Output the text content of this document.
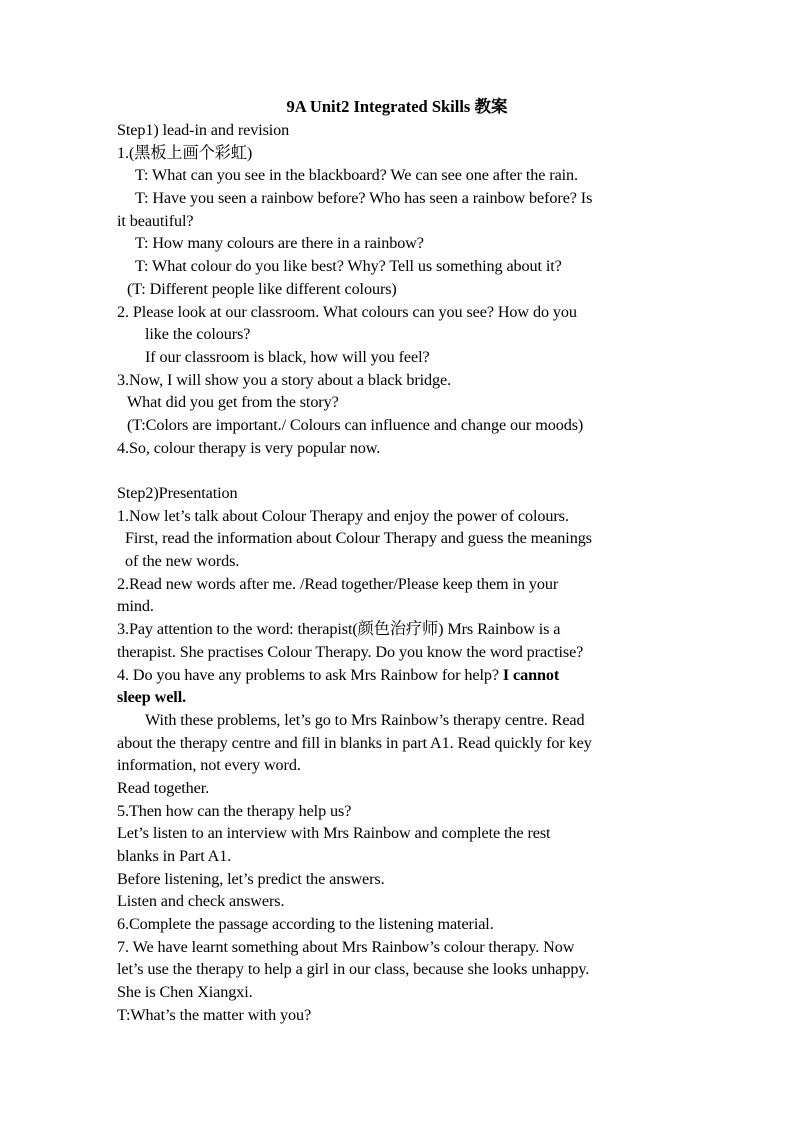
9A Unit2 Integrated Skills 教案
Step1) lead-in and revision
1.(黑板上画个彩虹)
T: What can you see in the blackboard? We can see one after the rain.
T: Have you seen a rainbow before? Who has seen a rainbow before? Is
it beautiful?
T: How many colours are there in a rainbow?
T: What colour do you like best? Why? Tell us something about it?
(T: Different people like different colours)
2. Please look at our classroom. What colours can you see? How do you
like the colours?
If our classroom is black, how will you feel?
3.Now, I will show you a story about a black bridge.
What did you get from the story?
(T:Colors are important./ Colours can influence and change our moods)
4.So, colour therapy is very popular now.
Step2)Presentation
1.Now let’s talk about Colour Therapy and enjoy the power of colours.
First, read the information about Colour Therapy and guess the meanings
of the new words.
2.Read new words after me. /Read together/Please keep them in your
mind.
3.Pay attention to the word: therapist(颜色治疗师) Mrs Rainbow is a
therapist. She practises Colour Therapy. Do you know the word practise?
4. Do you have any problems to ask Mrs Rainbow for help? I cannot
sleep well.
With these problems, let’s go to Mrs Rainbow’s therapy centre. Read
about the therapy centre and fill in blanks in part A1. Read quickly for key
information, not every word.
Read together.
5.Then how can the therapy help us?
Let’s listen to an interview with Mrs Rainbow and complete the rest
blanks in Part A1.
Before listening, let’s predict the answers.
Listen and check answers.
6.Complete the passage according to the listening material.
7. We have learnt something about Mrs Rainbow’s colour therapy. Now
let’s use the therapy to help a girl in our class, because she looks unhappy.
She is Chen Xiangxi.
T:What’s the matter with you?
